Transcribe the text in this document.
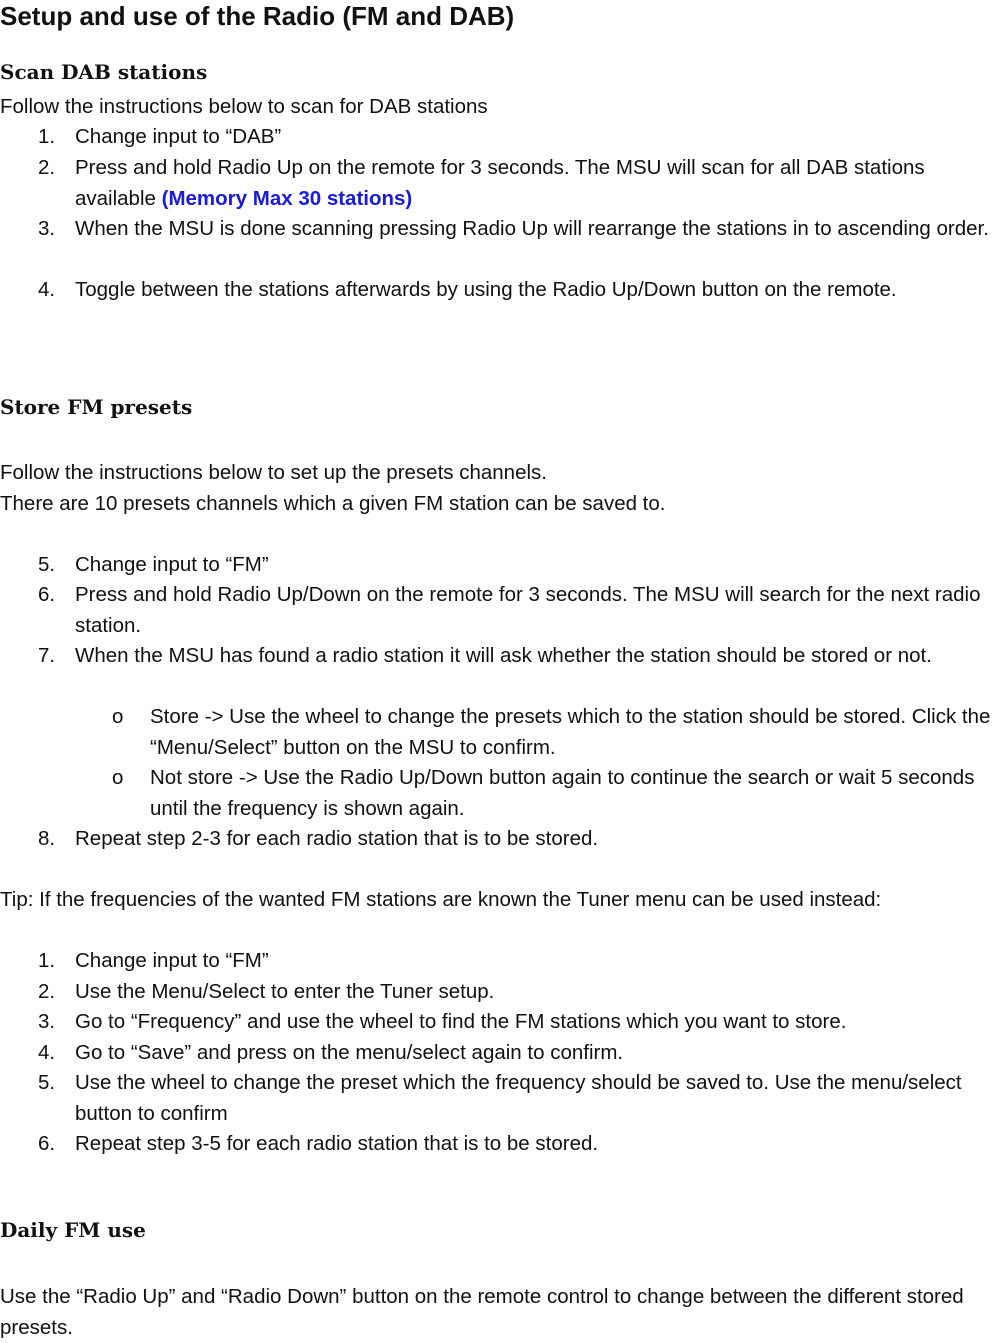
Setup and use of the Radio (FM and DAB)
Scan DAB stations
Follow the instructions below to scan for DAB stations
1. Change input to “DAB”
2. Press and hold Radio Up on the remote for 3 seconds. The MSU will scan for all DAB stations available (Memory Max 30 stations)
3. When the MSU is done scanning pressing Radio Up will rearrange the stations in to ascending order.
4. Toggle between the stations afterwards by using the Radio Up/Down button on the remote.
Store FM presets
Follow the instructions below to set up the presets channels.
There are 10 presets channels which a given FM station can be saved to.
5. Change input to “FM”
6. Press and hold Radio Up/Down on the remote for 3 seconds. The MSU will search for the next radio station.
7. When the MSU has found a radio station it will ask whether the station should be stored or not.
o Store -> Use the wheel to change the presets which to the station should be stored. Click the “Menu/Select” button on the MSU to confirm.
o Not store -> Use the Radio Up/Down button again to continue the search or wait 5 seconds until the frequency is shown again.
8. Repeat step 2-3 for each radio station that is to be stored.
Tip: If the frequencies of the wanted FM stations are known the Tuner menu can be used instead:
1. Change input to “FM”
2. Use the Menu/Select to enter the Tuner setup.
3. Go to “Frequency” and use the wheel to find the FM stations which you want to store.
4. Go to “Save” and press on the menu/select again to confirm.
5. Use the wheel to change the preset which the frequency should be saved to. Use the menu/select button to confirm
6. Repeat step 3-5 for each radio station that is to be stored.
Daily FM use
Use the “Radio Up” and “Radio Down” button on the remote control to change between the different stored presets.
